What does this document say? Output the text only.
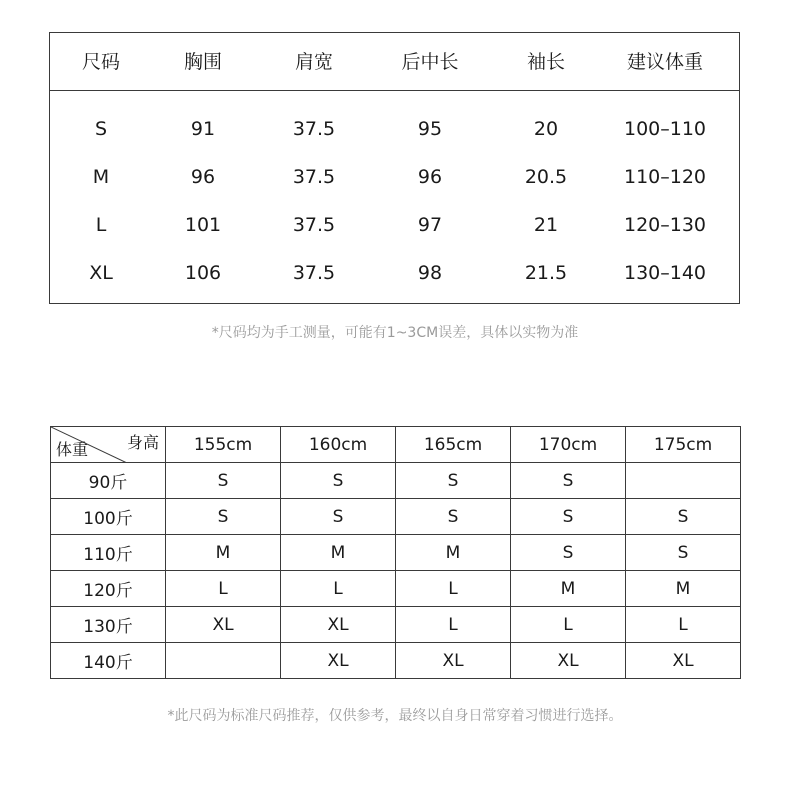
尺码	胸围	肩宽	后中长	袖长	建议体重
S	91	37.5	95	20	100–110
M	96	37.5	96	20.5	110–120
L	101	37.5	97	21	120–130
XL	106	37.5	98	21.5	130–140
*尺码均为手工测量，可能有1~3CM误差，具体以实物为准
身高
体重	155cm	160cm	165cm	170cm	175cm
90斤	S	S	S	S	
100斤	S	S	S	S	S
110斤	M	M	M	S	S
120斤	L	L	L	M	M
130斤	XL	XL	L	L	L
140斤		XL	XL	XL	XL
*此尺码为标准尺码推荐，仅供参考，最终以自身日常穿着习惯进行选择。
